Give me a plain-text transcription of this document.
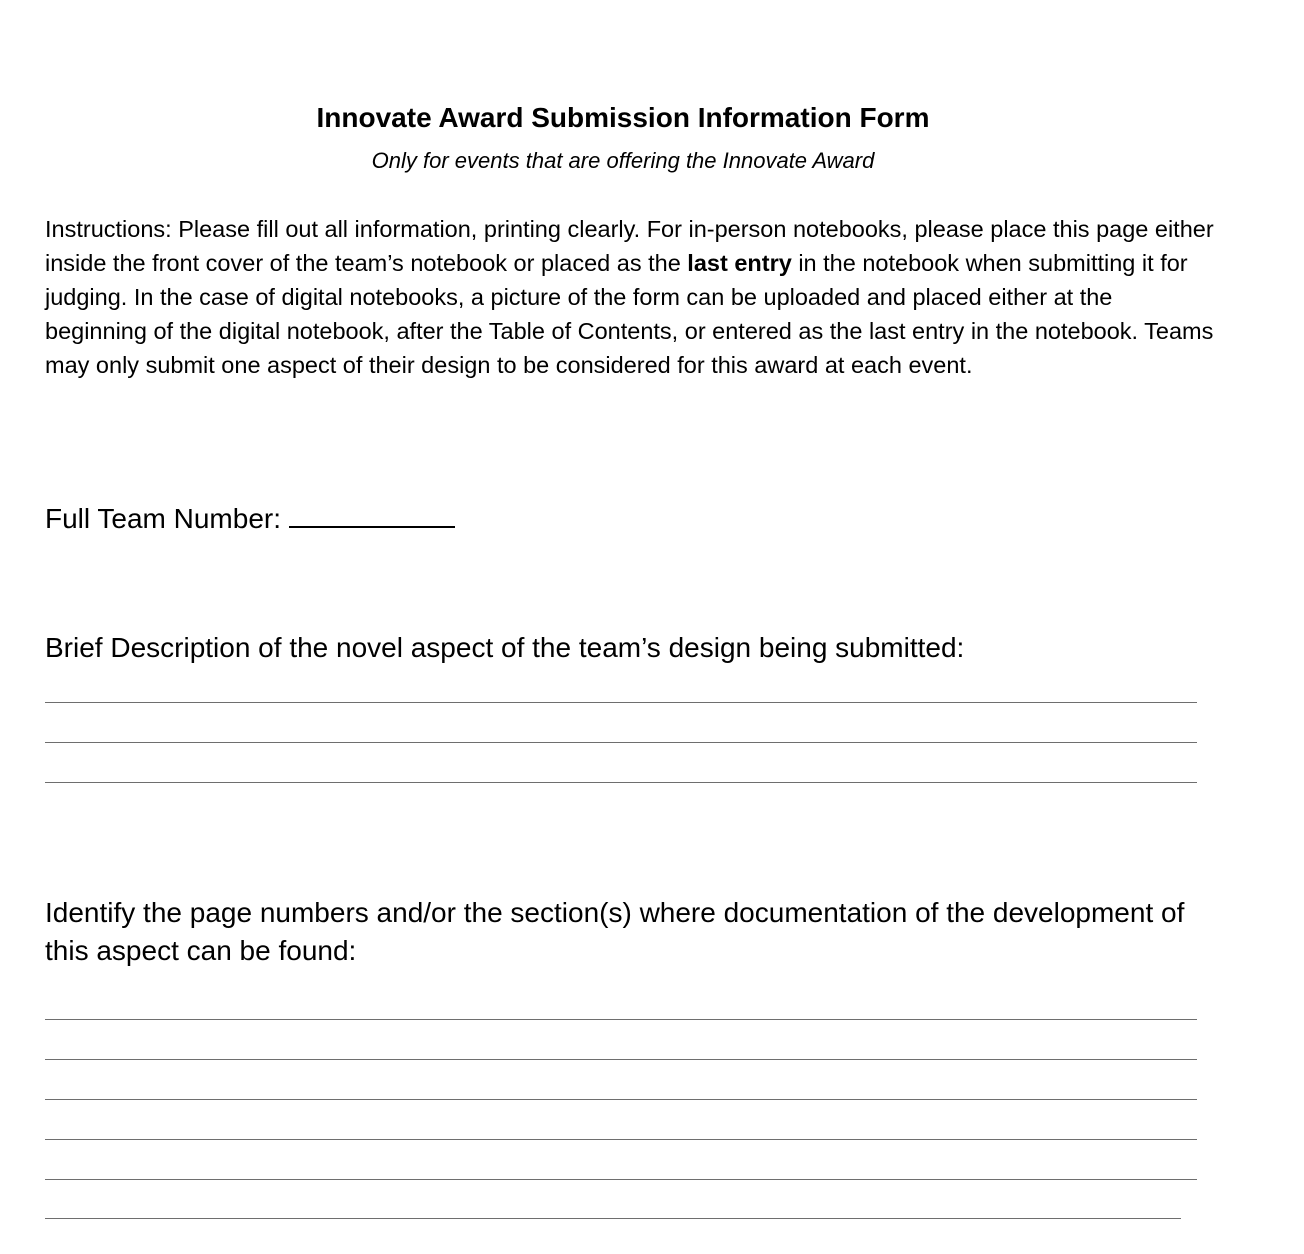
Innovate Award Submission Information Form
Only for events that are offering the Innovate Award

Instructions: Please fill out all information, printing clearly. For in-person notebooks, please place this page either inside the front cover of the team’s notebook or placed as the last entry in the notebook when submitting it for judging. In the case of digital notebooks, a picture of the form can be uploaded and placed either at the beginning of the digital notebook, after the Table of Contents, or entered as the last entry in the notebook. Teams may only submit one aspect of their design to be considered for this award at each event.

Full Team Number:
Brief Description of the novel aspect of the team’s design being submitted:
Identify the page numbers and/or the section(s) where documentation of the development of this aspect can be found:
